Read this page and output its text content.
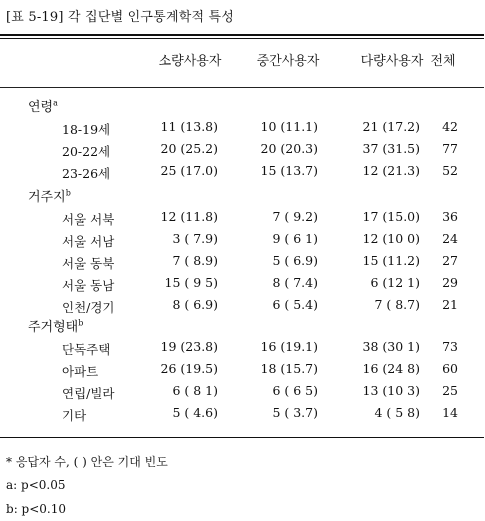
[표 5-19] 각 집단별 인구통계학적 특성
소량사용자	중간사용자	다량사용자 전체
연령$^a$
18-19세	11 (13.8)	10 (11.1)	21 (17.2)	42
20-22세	20 (25.2)	20 (20.3)	37 (31.5)	77
23-26세	25 (17.0)	15 (13.7)	12 (21.3)	52
거주지$^b$
서울 서북	12 (11.8)	7 ( 9.2)	17 (15.0)	36
서울 서남	3 ( 7.9)	9 ( 6 1)	12 (10 0)	24
서울 동북	7 ( 8.9)	5 ( 6.9)	15 (11.2)	27
서울 동남	15 ( 9 5)	8 ( 7.4)	6 (12 1)	29
인천/경기	8 ( 6.9)	6 ( 5.4)	7 ( 8.7)	21
주거형태$^b$
단독주택	19 (23.8)	16 (19.1)	38 (30 1)	73
아파트	26 (19.5)	18 (15.7)	16 (24 8)	60
연립/빌라	6 ( 8 1)	6 ( 6 5)	13 (10 3)	25
기타	5 ( 4.6)	5 ( 3.7)	4 ( 5 8)	14
* 응답자 수, ( ) 안은 기대 빈도
a: p<0.05
b: p<0.10
